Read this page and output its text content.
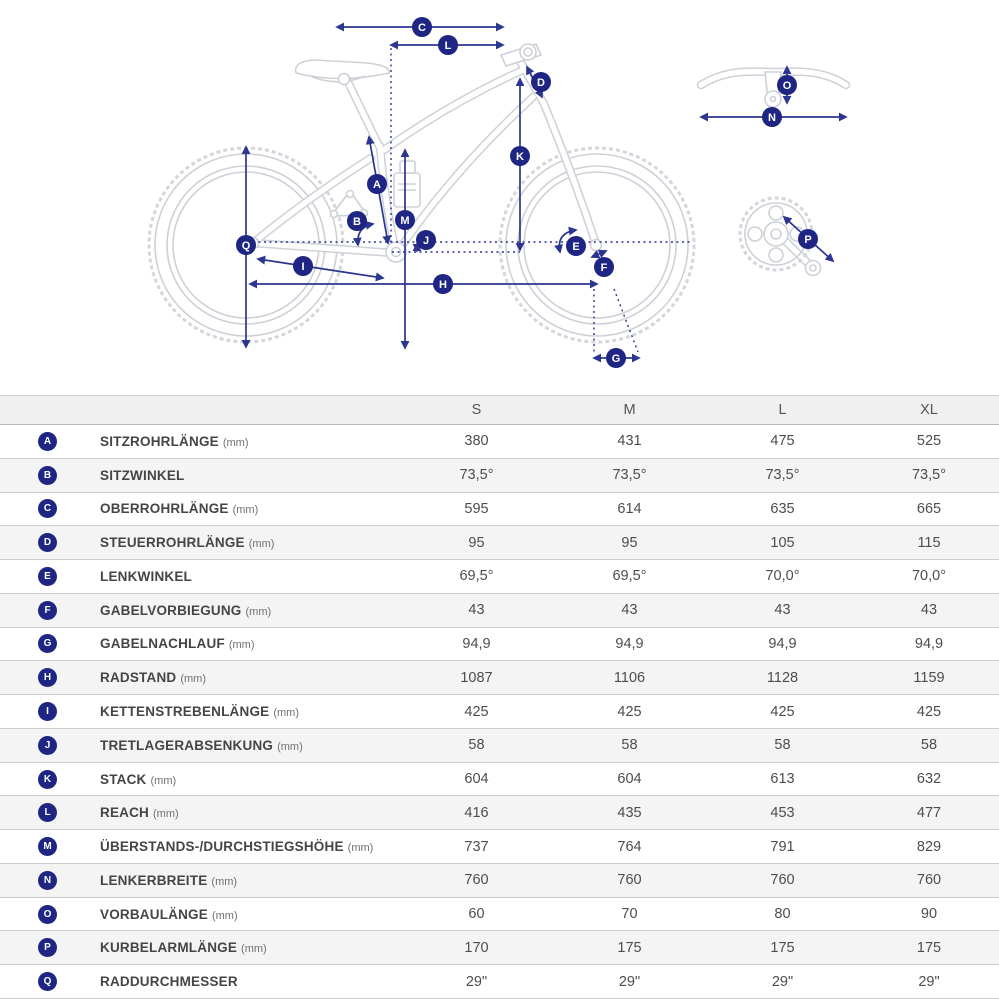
A
B
C
D
E
F
G
H
I
J
K
L
M
N
O
P
Q
S	M	L	XL
A	SITZROHRLÄNGE (mm)	380	431	475	525
B	SITZWINKEL	73,5°	73,5°	73,5°	73,5°
C	OBERROHRLÄNGE (mm)	595	614	635	665
D	STEUERROHRLÄNGE (mm)	95	95	105	115
E	LENKWINKEL	69,5°	69,5°	70,0°	70,0°
F	GABELVORBIEGUNG (mm)	43	43	43	43
G	GABELNACHLAUF (mm)	94,9	94,9	94,9	94,9
H	RADSTAND (mm)	1087	1106	1128	1159
I	KETTENSTREBENLÄNGE (mm)	425	425	425	425
J	TRETLAGERABSENKUNG (mm)	58	58	58	58
K	STACK (mm)	604	604	613	632
L	REACH (mm)	416	435	453	477
M	ÜBERSTANDS-/DURCHSTIEGSHÖHE (mm)	737	764	791	829
N	LENKERBREITE (mm)	760	760	760	760
O	VORBAULÄNGE (mm)	60	70	80	90
P	KURBELARMLÄNGE (mm)	170	175	175	175
Q	RADDURCHMESSER	29"	29"	29"	29"
